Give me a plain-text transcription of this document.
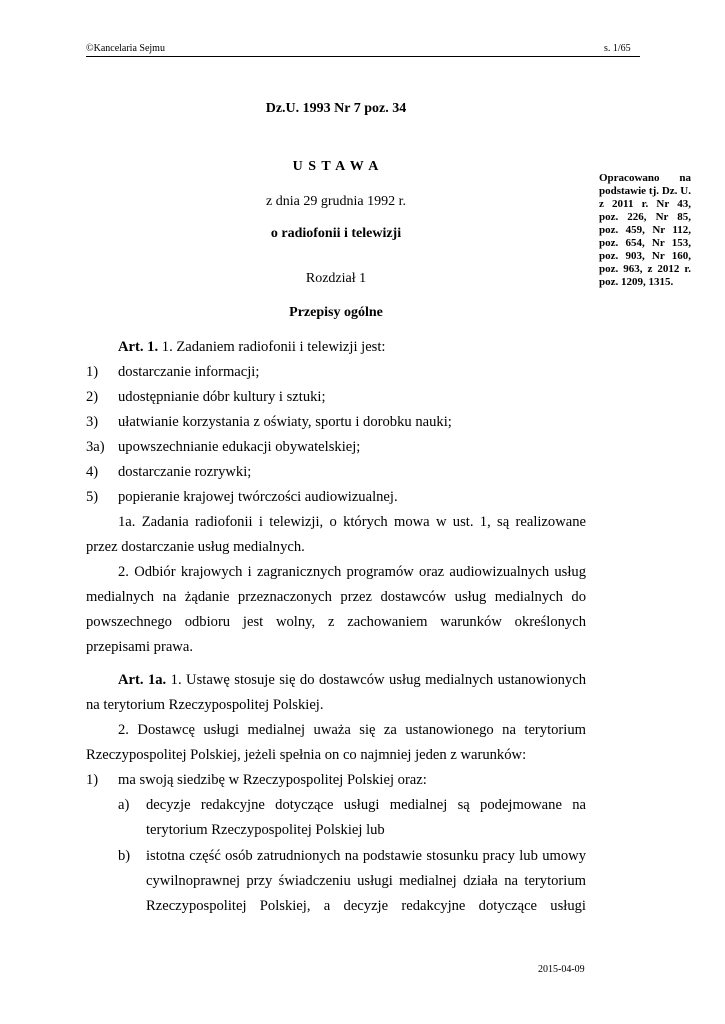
©Kancelaria Sejmu	s. 1/65
Dz.U. 1993 Nr 7 poz. 34
U S T A W A
z dnia 29 grudnia 1992 r.
o radiofonii i telewizji
Rozdział 1
Przepisy ogólne
Opracowano na podstawie tj. Dz. U. z 2011 r. Nr 43, poz. 226, Nr 85, poz. 459, Nr 112, poz. 654, Nr 153, poz. 903, Nr 160, poz. 963, z 2012 r. poz. 1209, 1315.
Art. 1. 1. Zadaniem radiofonii i telewizji jest:
1) dostarczanie informacji;
2) udostępnianie dóbr kultury i sztuki;
3) ułatwianie korzystania z oświaty, sportu i dorobku nauki;
3a) upowszechnianie edukacji obywatelskiej;
4) dostarczanie rozrywki;
5) popieranie krajowej twórczości audiowizualnej.
1a. Zadania radiofonii i telewizji, o których mowa w ust. 1, są realizowane
przez dostarczanie usług medialnych.
2. Odbiór krajowych i zagranicznych programów oraz audiowizualnych usług
medialnych na żądanie przeznaczonych przez dostawców usług medialnych do
powszechnego odbioru jest wolny, z zachowaniem warunków określonych
przepisami prawa.
Art. 1a. 1. Ustawę stosuje się do dostawców usług medialnych ustanowionych
na terytorium Rzeczypospolitej Polskiej.
2. Dostawcę usługi medialnej uważa się za ustanowionego na terytorium
Rzeczypospolitej Polskiej, jeżeli spełnia on co najmniej jeden z warunków:
1) ma swoją siedzibę w Rzeczypospolitej Polskiej oraz:
a) decyzje redakcyjne dotyczące usługi medialnej są podejmowane na
terytorium Rzeczypospolitej Polskiej lub
b) istotna część osób zatrudnionych na podstawie stosunku pracy lub umowy
cywilnoprawnej przy świadczeniu usługi medialnej działa na terytorium
Rzeczypospolitej Polskiej, a decyzje redakcyjne dotyczące usługi
2015-04-09
